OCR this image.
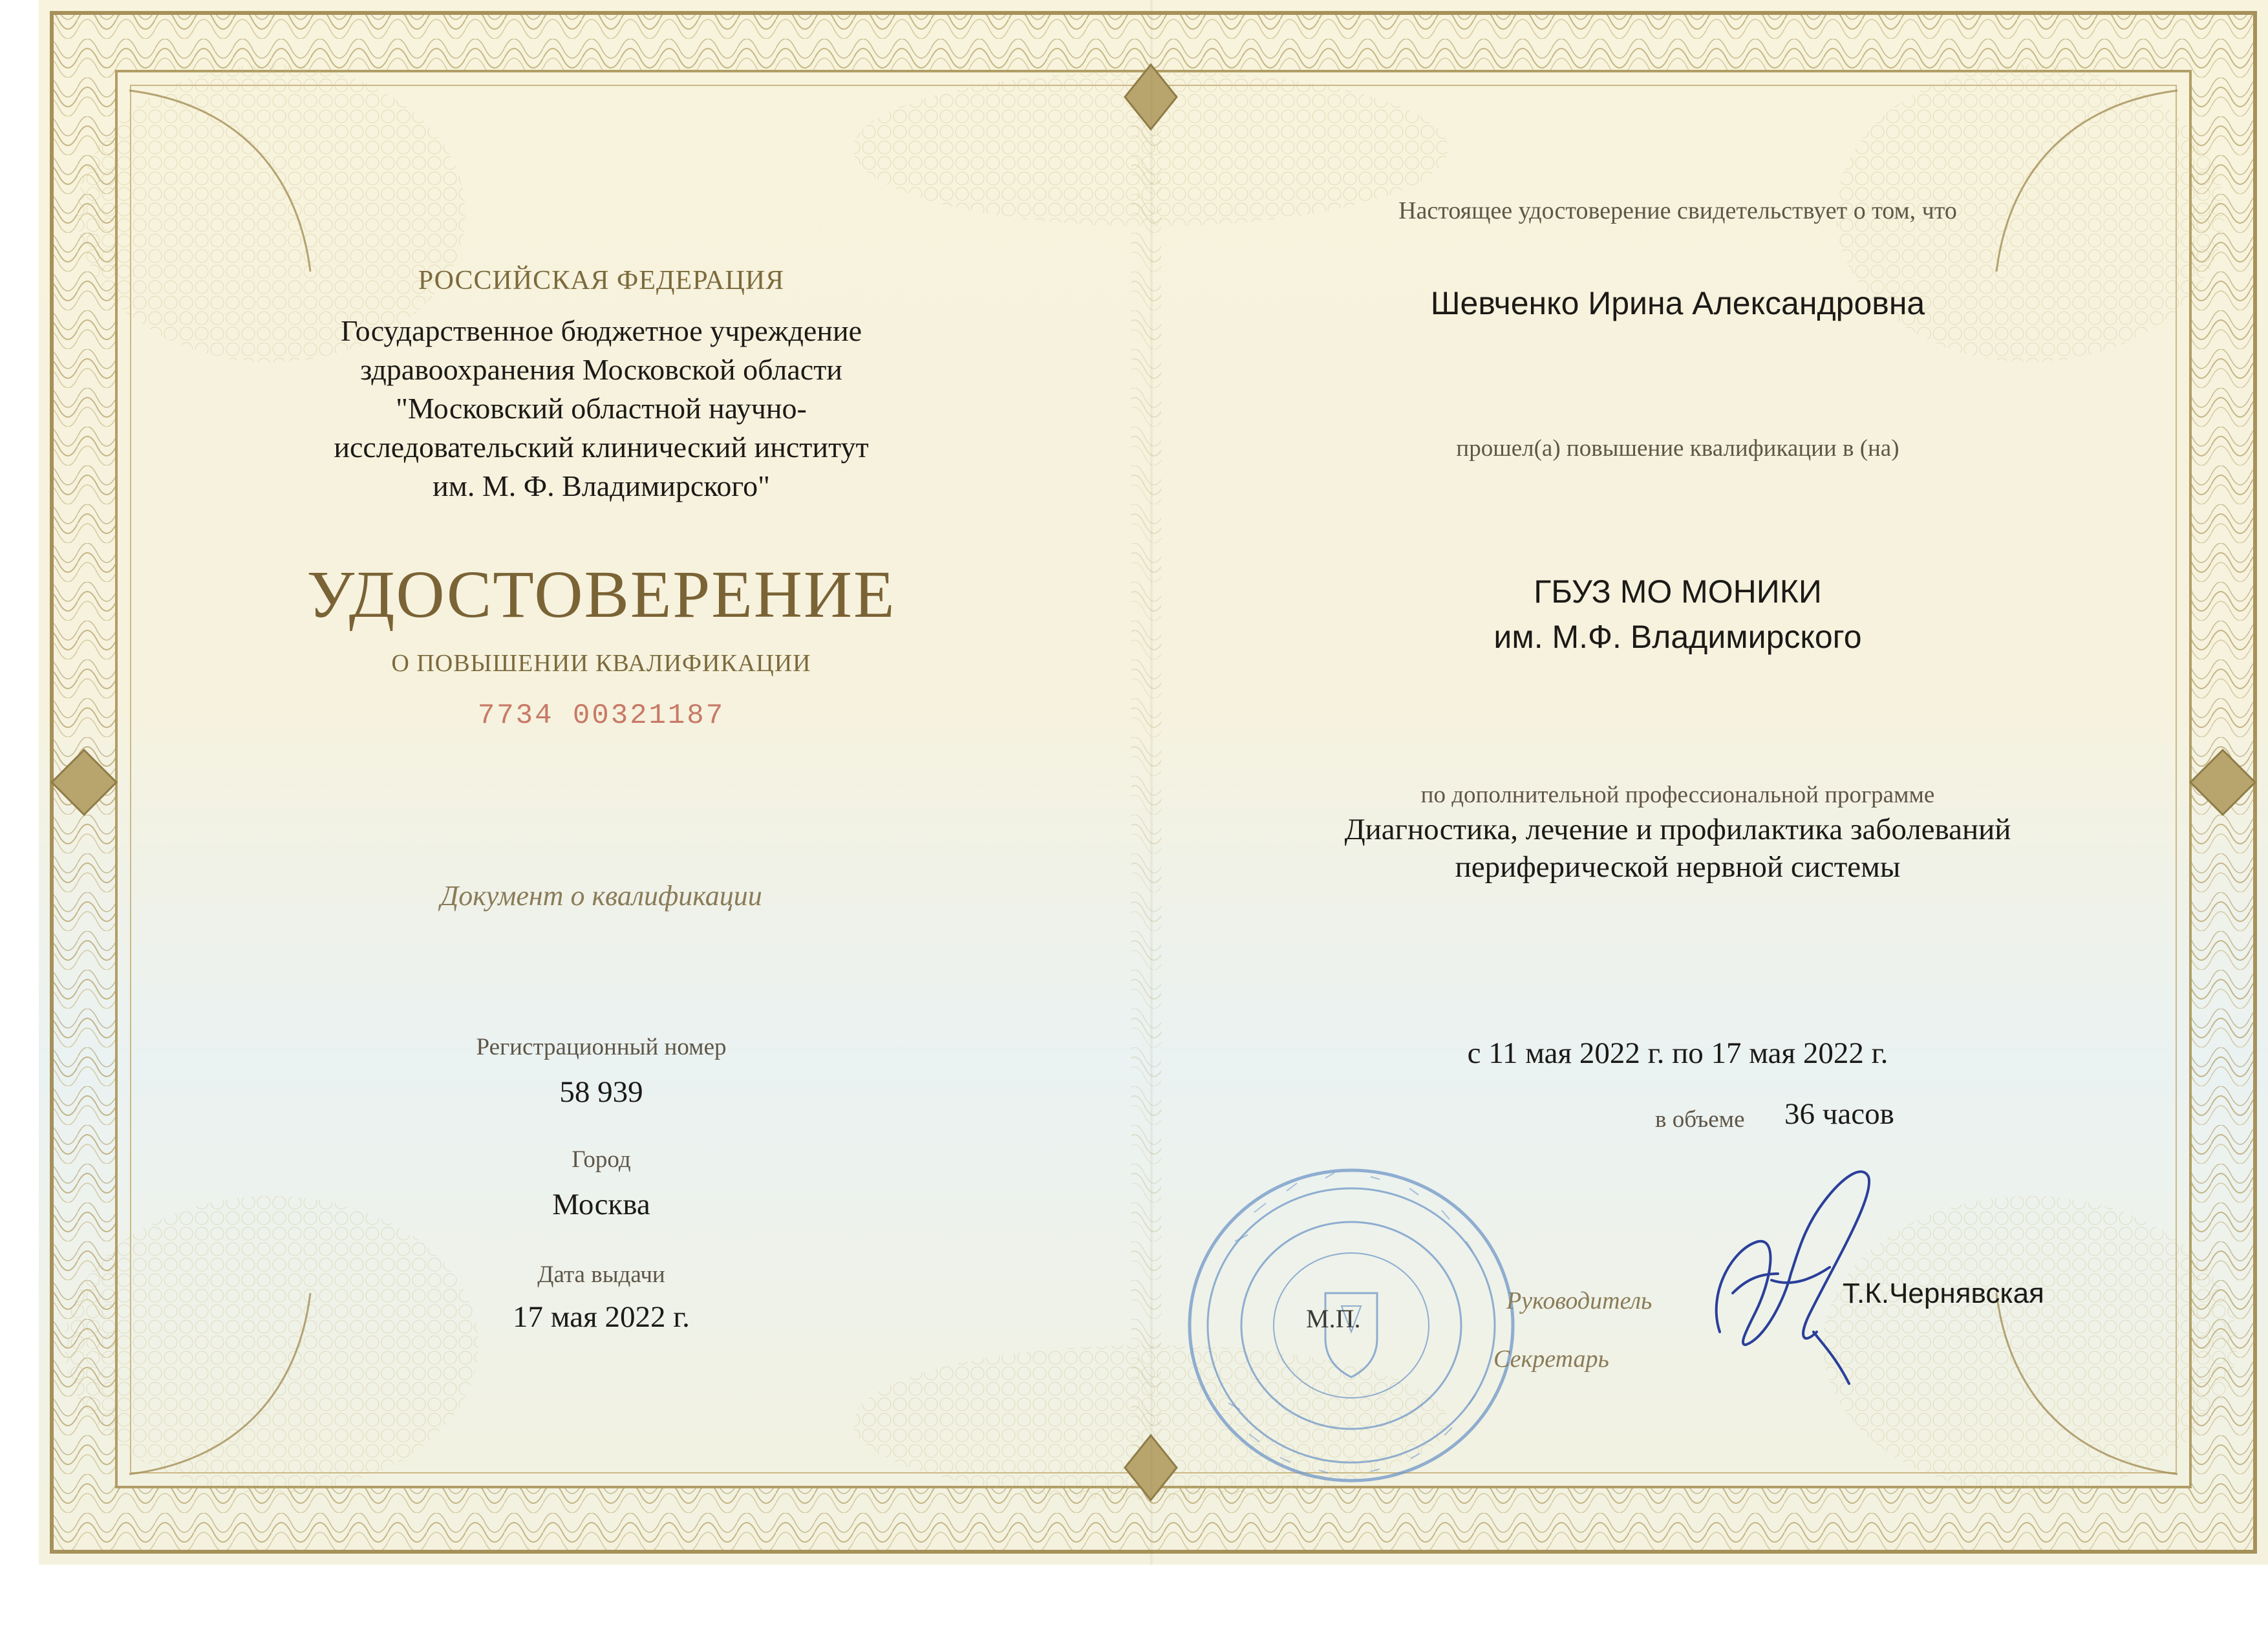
РОССИЙСКАЯ ФЕДЕРАЦИЯ
Государственное бюджетное учреждение
здравоохранения Московской области
"Московский областной научно-
исследовательский клинический институт
им. М. Ф. Владимирского"
УДОСТОВЕРЕНИЕ
О ПОВЫШЕНИИ КВАЛИФИКАЦИИ
7734 00321187
Документ о квалификации
Регистрационный номер
58 939
Город
Москва
Дата выдачи
17 мая 2022 г.
Настоящее удостоверение свидетельствует о том, что
Шевченко Ирина Александровна
прошел(а) повышение квалификации в (на)
ГБУЗ МО МОНИКИ
им. М.Ф. Владимирского
по дополнительной профессиональной программе
Диагностика, лечение и профилактика заболеваний
периферической нервной системы
с 11 мая 2022 г. по 17 мая 2022 г.
в объеме 36 часов
М.П.
Руководитель
Секретарь
Т.К.Чернявская
